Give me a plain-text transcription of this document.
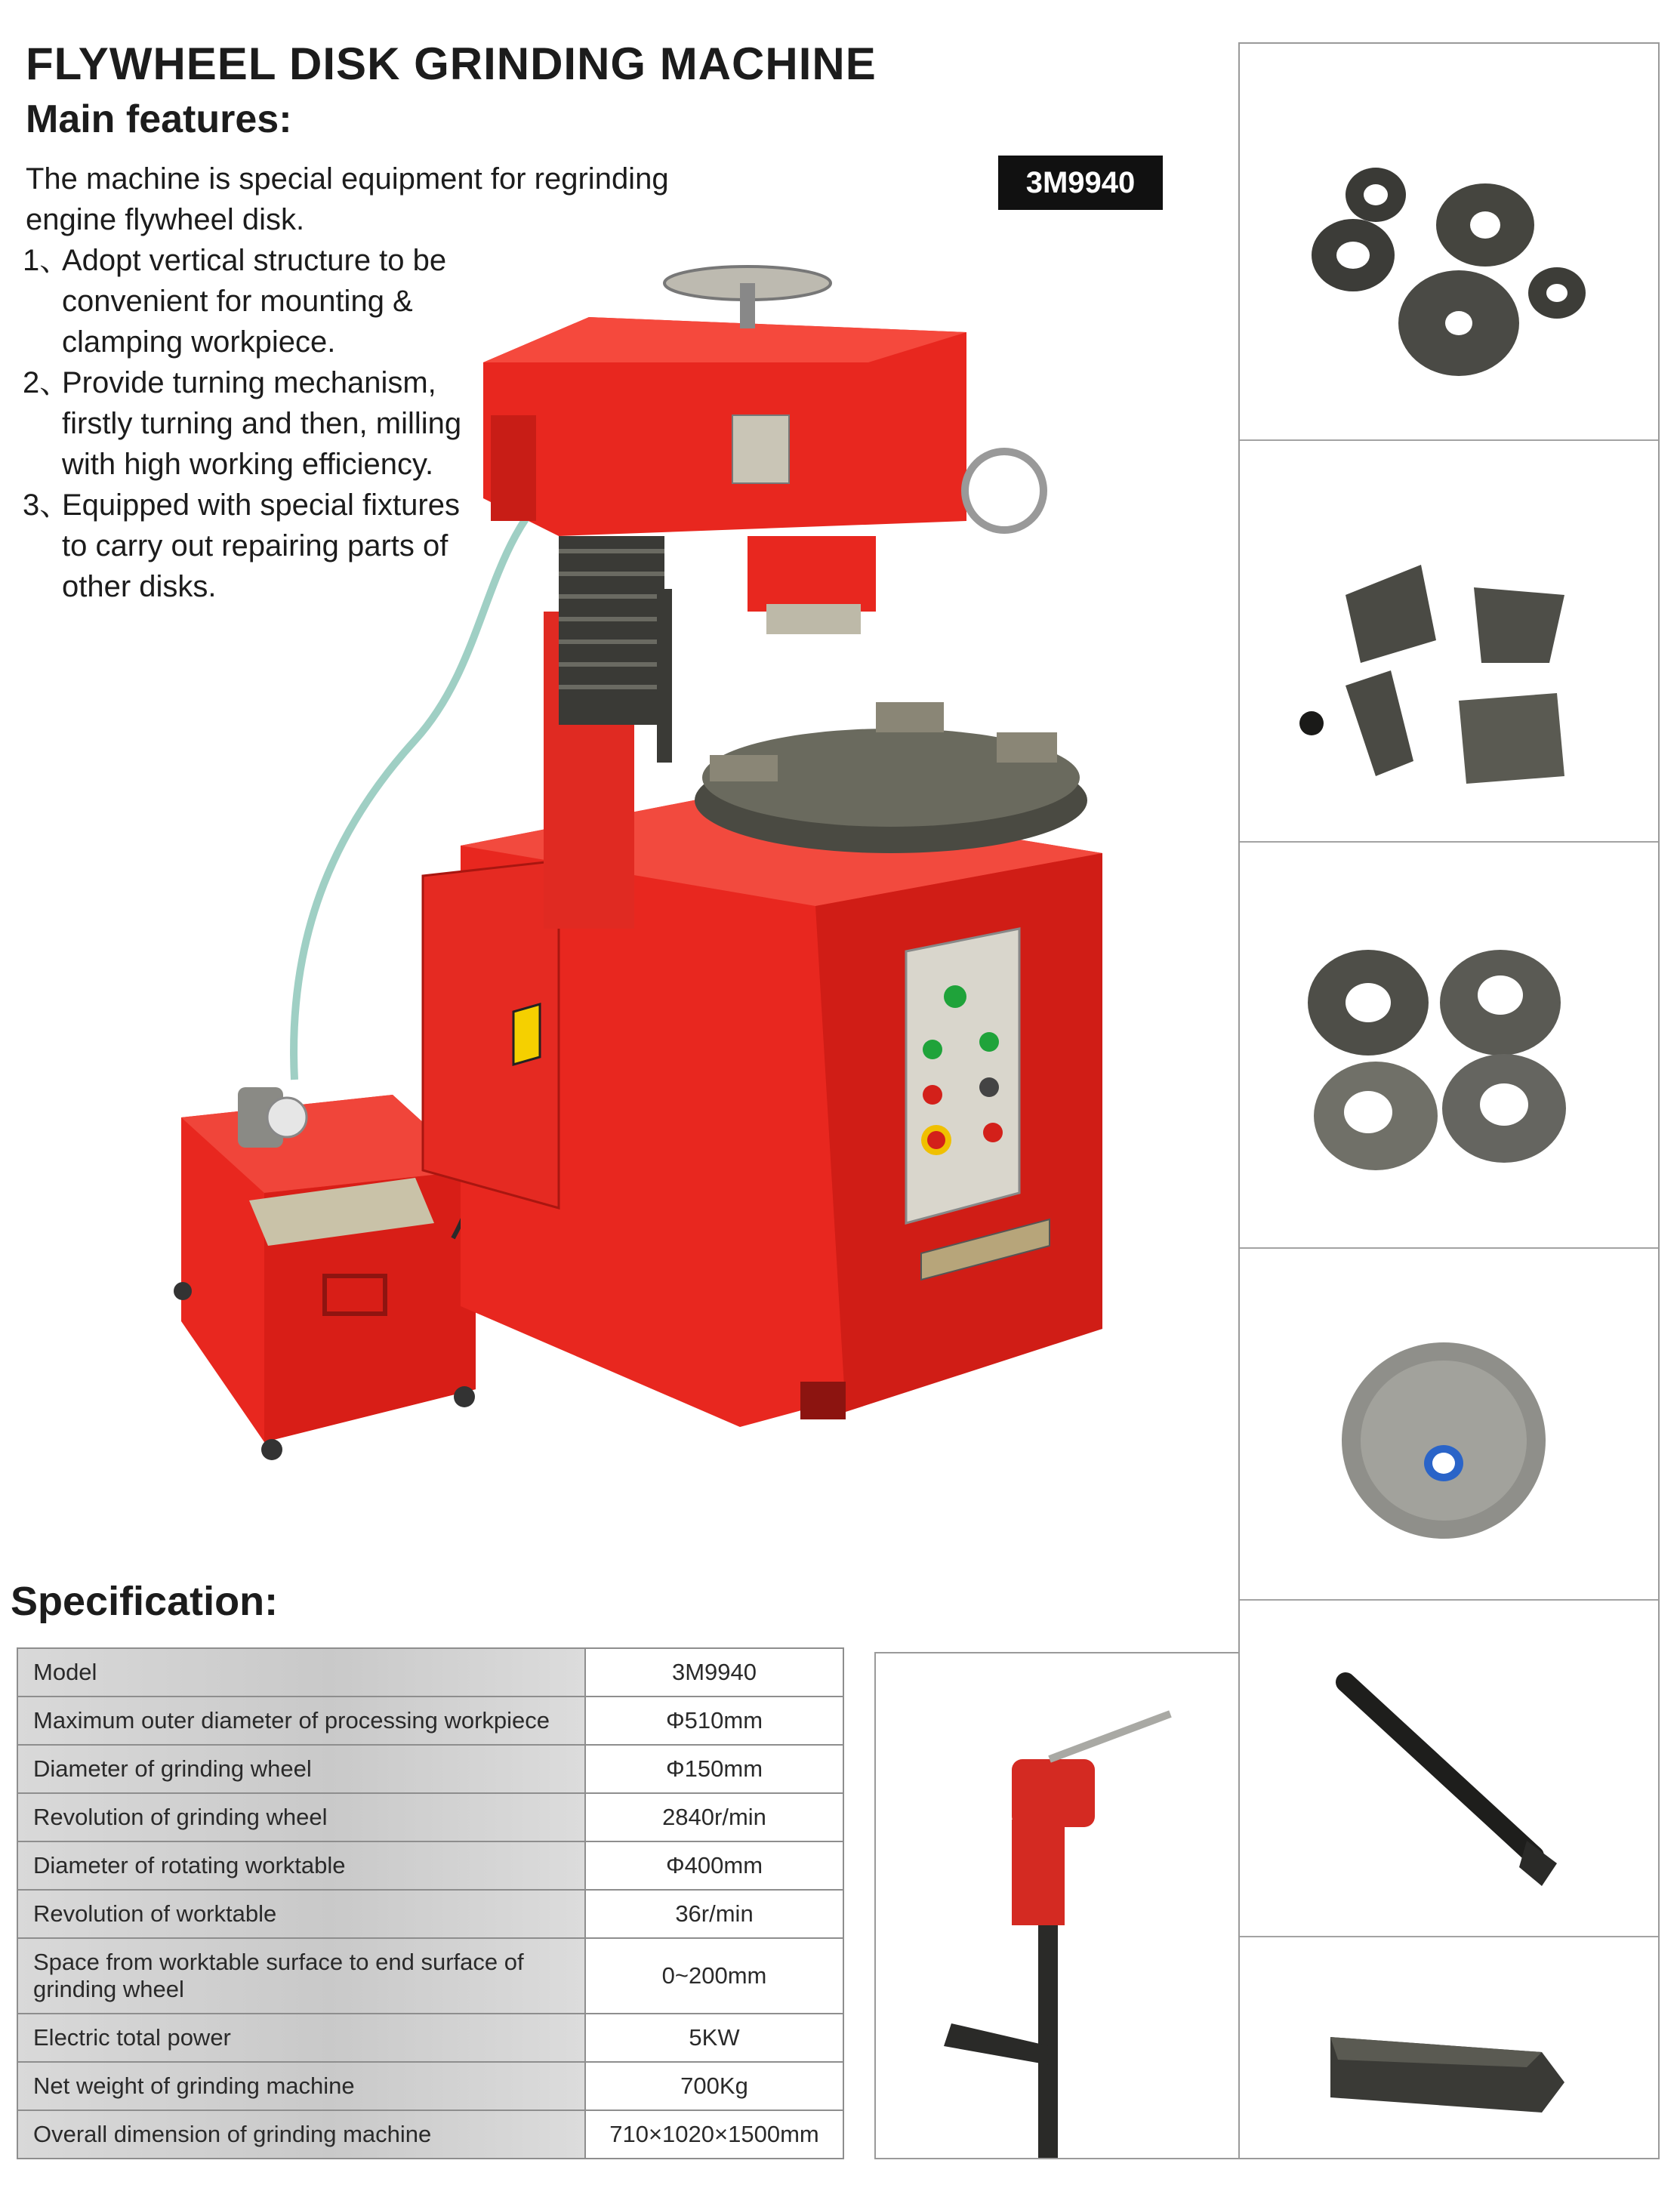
FLYWHEEL DISK GRINDING MACHINE
Main features:

The machine is special equipment for regrinding engine flywheel disk.

1、
Adopt vertical structure to be convenient for mounting & clamping workpiece.
2、
Provide turning mechanism, firstly turning and then, milling with high working efficiency.
3、
Equipped with special fixtures to carry out repairing parts of other disks.
3M9940
Specification:
Model	3M9940
Maximum outer diameter of processing workpiece	Φ510mm
Diameter of grinding wheel	Φ150mm
Revolution of grinding wheel	2840r/min
Diameter of rotating worktable	Φ400mm
Revolution of worktable	36r/min
Space from worktable surface to end surface of grinding wheel	0~200mm
Electric total power	5KW
Net weight of grinding machine	700Kg
Overall dimension of grinding machine	710×1020×1500mm
